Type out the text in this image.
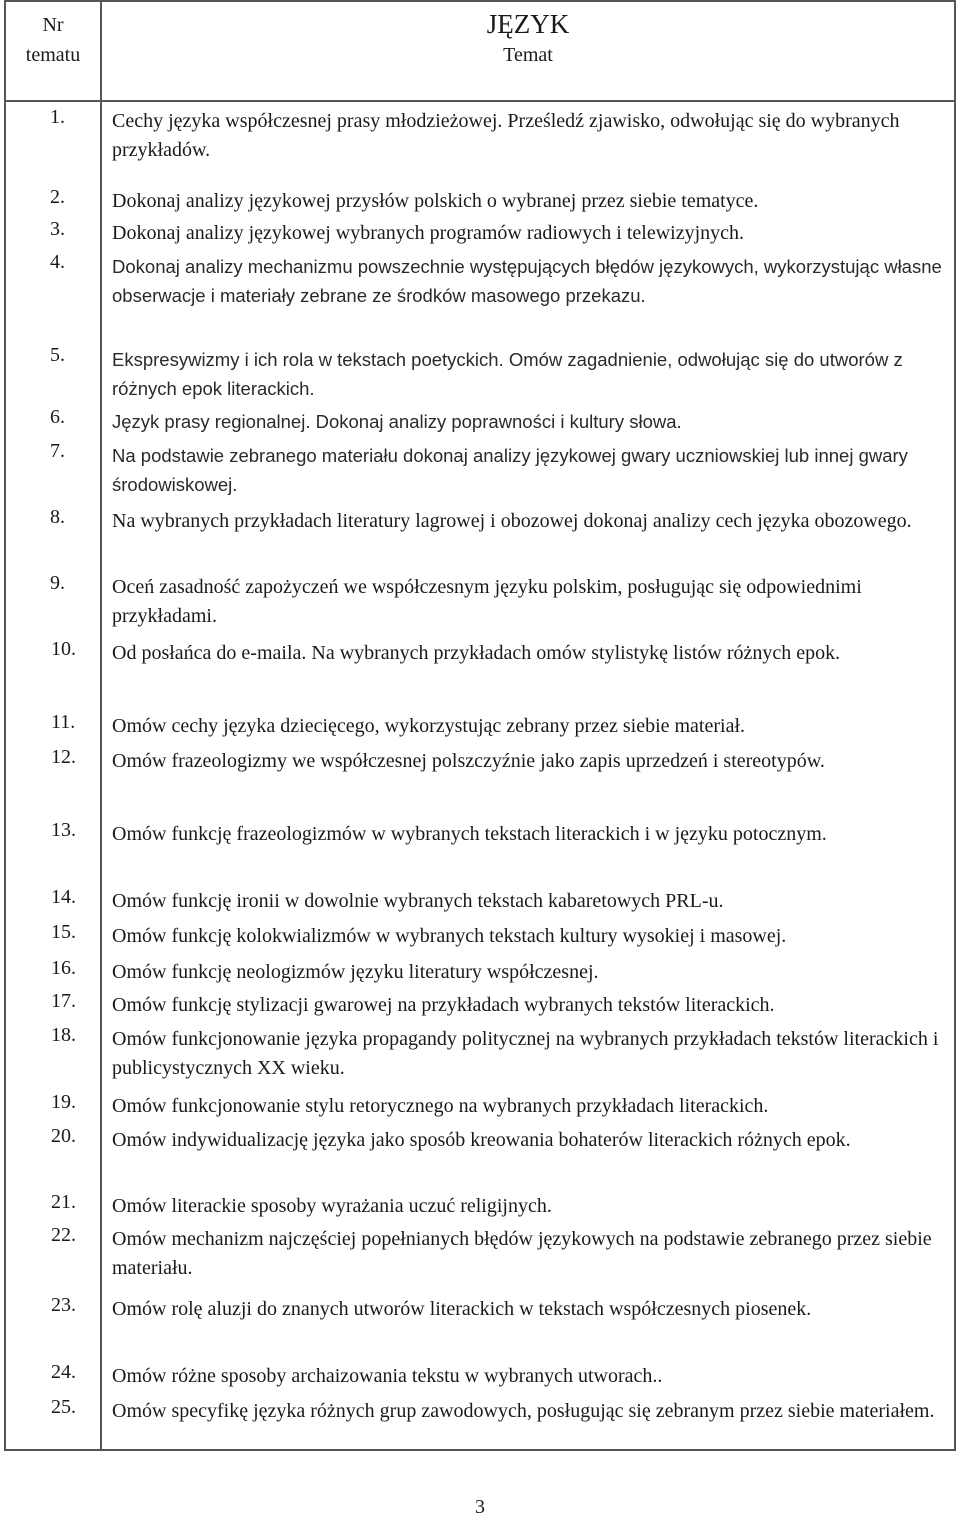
Nr
tematu
JĘZYK
Temat
1.
2.
3.
4.
5.
6.
7.
8.
9.
10.
11.
12.
13.
14.
15.
16.
17.
18.
19.
20.
21.
22.
23.
24.
25.
Cechy języka współczesnej prasy młodzieżowej. Prześledź zjawisko, odwołując się do wybranych przykładów.
Dokonaj analizy językowej przysłów polskich o wybranej przez siebie tematyce.
Dokonaj analizy językowej wybranych programów radiowych i telewizyjnych.
Dokonaj analizy mechanizmu powszechnie występujących błędów językowych, wykorzystując własne obserwacje i materiały zebrane ze środków masowego przekazu.
Ekspresywizmy i ich rola w tekstach poetyckich. Omów zagadnienie, odwołując się do utworów z różnych epok literackich.
Język prasy regionalnej. Dokonaj analizy poprawności i kultury słowa.
Na podstawie zebranego materiału dokonaj analizy językowej gwary uczniowskiej lub innej gwary środowiskowej.
Na wybranych przykładach literatury lagrowej i obozowej dokonaj analizy cech języka obozowego.
Oceń zasadność zapożyczeń we współczesnym języku polskim, posługując się odpowiednimi przykładami.
Od posłańca do e-maila. Na wybranych przykładach omów stylistykę listów różnych epok.
Omów cechy języka dziecięcego, wykorzystując zebrany przez siebie materiał.
Omów frazeologizmy we współczesnej polszczyźnie jako zapis uprzedzeń i stereotypów.
Omów funkcję frazeologizmów w wybranych tekstach literackich i w języku potocznym.
Omów funkcję ironii w dowolnie wybranych tekstach kabaretowych PRL-u.
Omów funkcję kolokwializmów w wybranych tekstach kultury wysokiej i masowej.
Omów funkcję neologizmów języku literatury współczesnej.
Omów funkcję stylizacji gwarowej na przykładach wybranych tekstów literackich.
Omów funkcjonowanie języka propagandy politycznej na wybranych przykładach tekstów literackich i publicystycznych XX wieku.
Omów funkcjonowanie stylu retorycznego na wybranych przykładach literackich.
Omów indywidualizację języka jako sposób kreowania bohaterów literackich różnych epok.
Omów literackie sposoby wyrażania uczuć religijnych.
Omów mechanizm najczęściej popełnianych błędów językowych na podstawie zebranego przez siebie materiału.
Omów rolę aluzji do znanych utworów literackich w tekstach współczesnych piosenek.
Omów różne sposoby archaizowania tekstu w wybranych utworach..
Omów specyfikę języka różnych grup zawodowych, posługując się zebranym przez siebie materiałem.
3
